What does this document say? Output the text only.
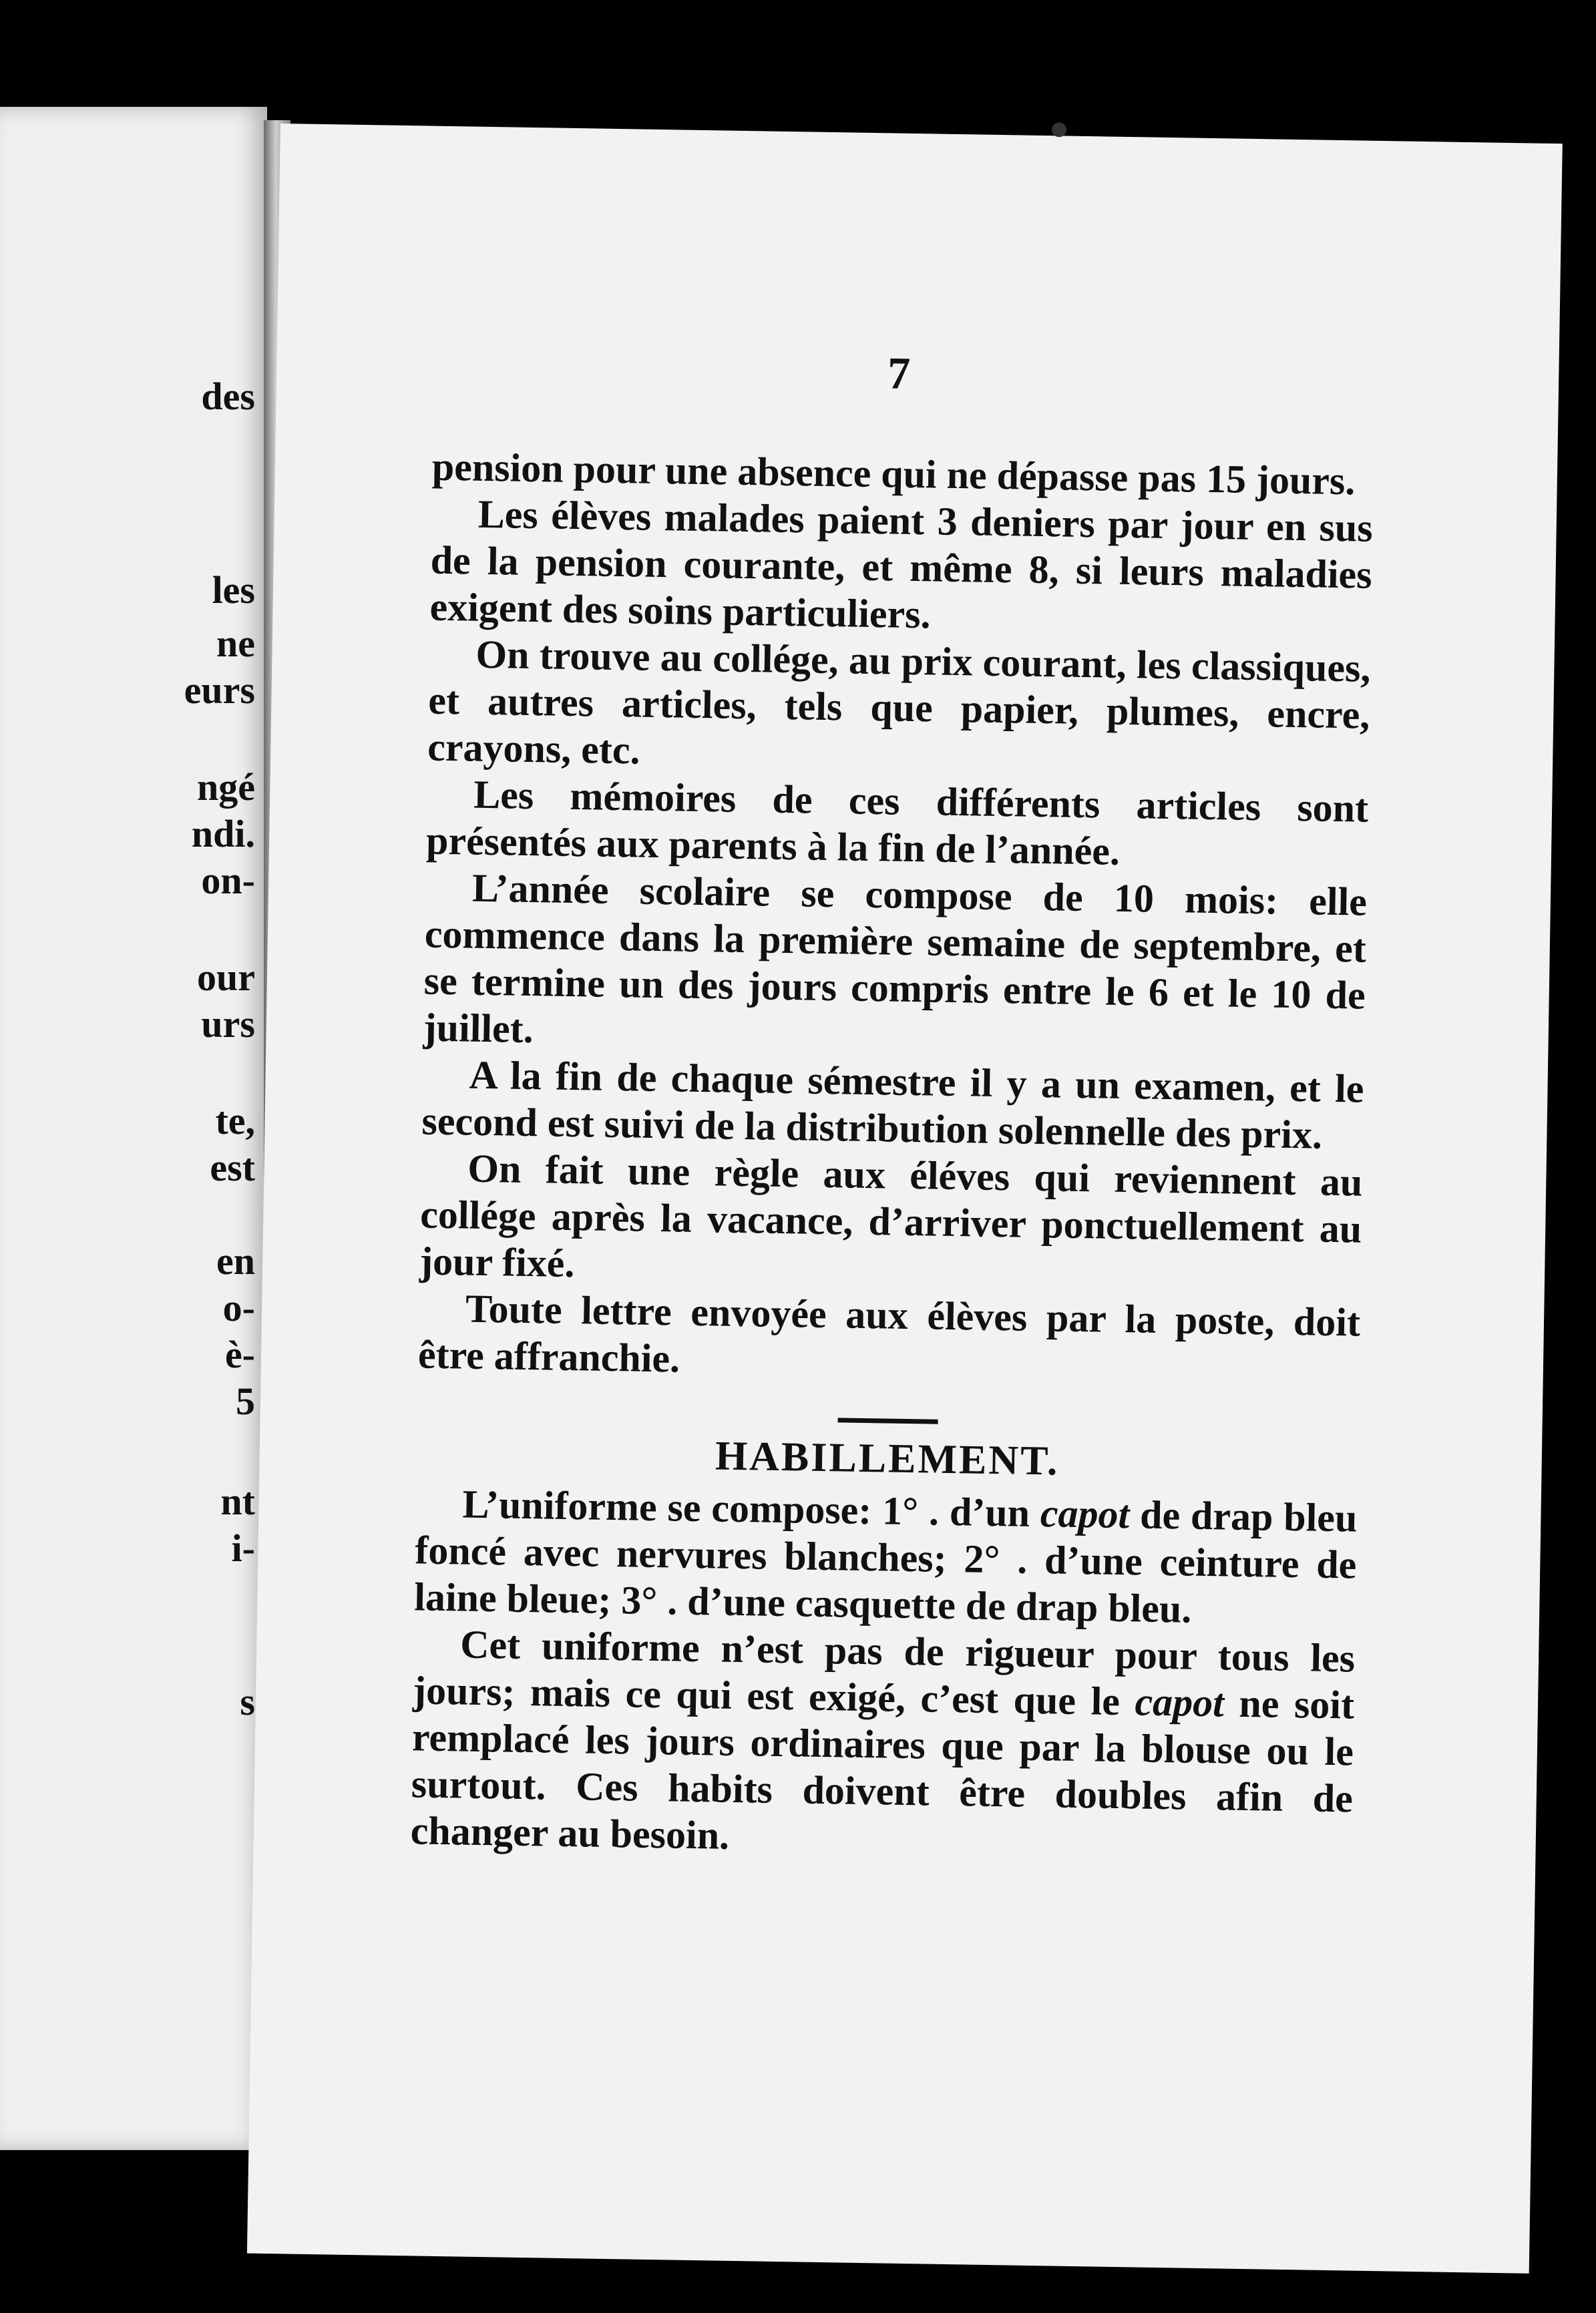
des
les
ne
eurs
ngé
ndi.
on-
our
urs
te,
est
en
o-
è-
5
nt
i-
s
7

pension pour une absence qui ne dépasse pas 15 jours.

Les élèves malades paient 3 deniers par jour en sus de la pension courante, et même 8, si leurs maladies exigent des soins particuliers.

On trouve au collége, au prix courant, les classiques, et autres articles, tels que papier, plumes, encre, crayons, etc.

Les mémoires de ces différents articles sont présentés aux parents à la fin de l’année.

L’année scolaire se compose de 10 mois: elle commence dans la première semaine de septembre, et se termine un des jours compris entre le 6 et le 10 de juillet.

A la fin de chaque sémestre il y a un examen, et le second est suivi de la distribution solennelle des prix.

On fait une règle aux éléves qui reviennent au collége après la vacance, d’arriver ponctuellement au jour fixé.

Toute lettre envoyée aux élèves par la poste, doit être affranchie.

HABILLEMENT.

L’uniforme se compose: 1° . d’un capot de drap bleu foncé avec nervures blanches; 2° . d’une ceinture de laine bleue; 3° . d’une casquette de drap bleu.

Cet uniforme n’est pas de rigueur pour tous les jours; mais ce qui est exigé, c’est que le capot ne soit remplacé les jours ordinaires que par la blouse ou le surtout. Ces habits doivent être doubles afin de changer au besoin.
